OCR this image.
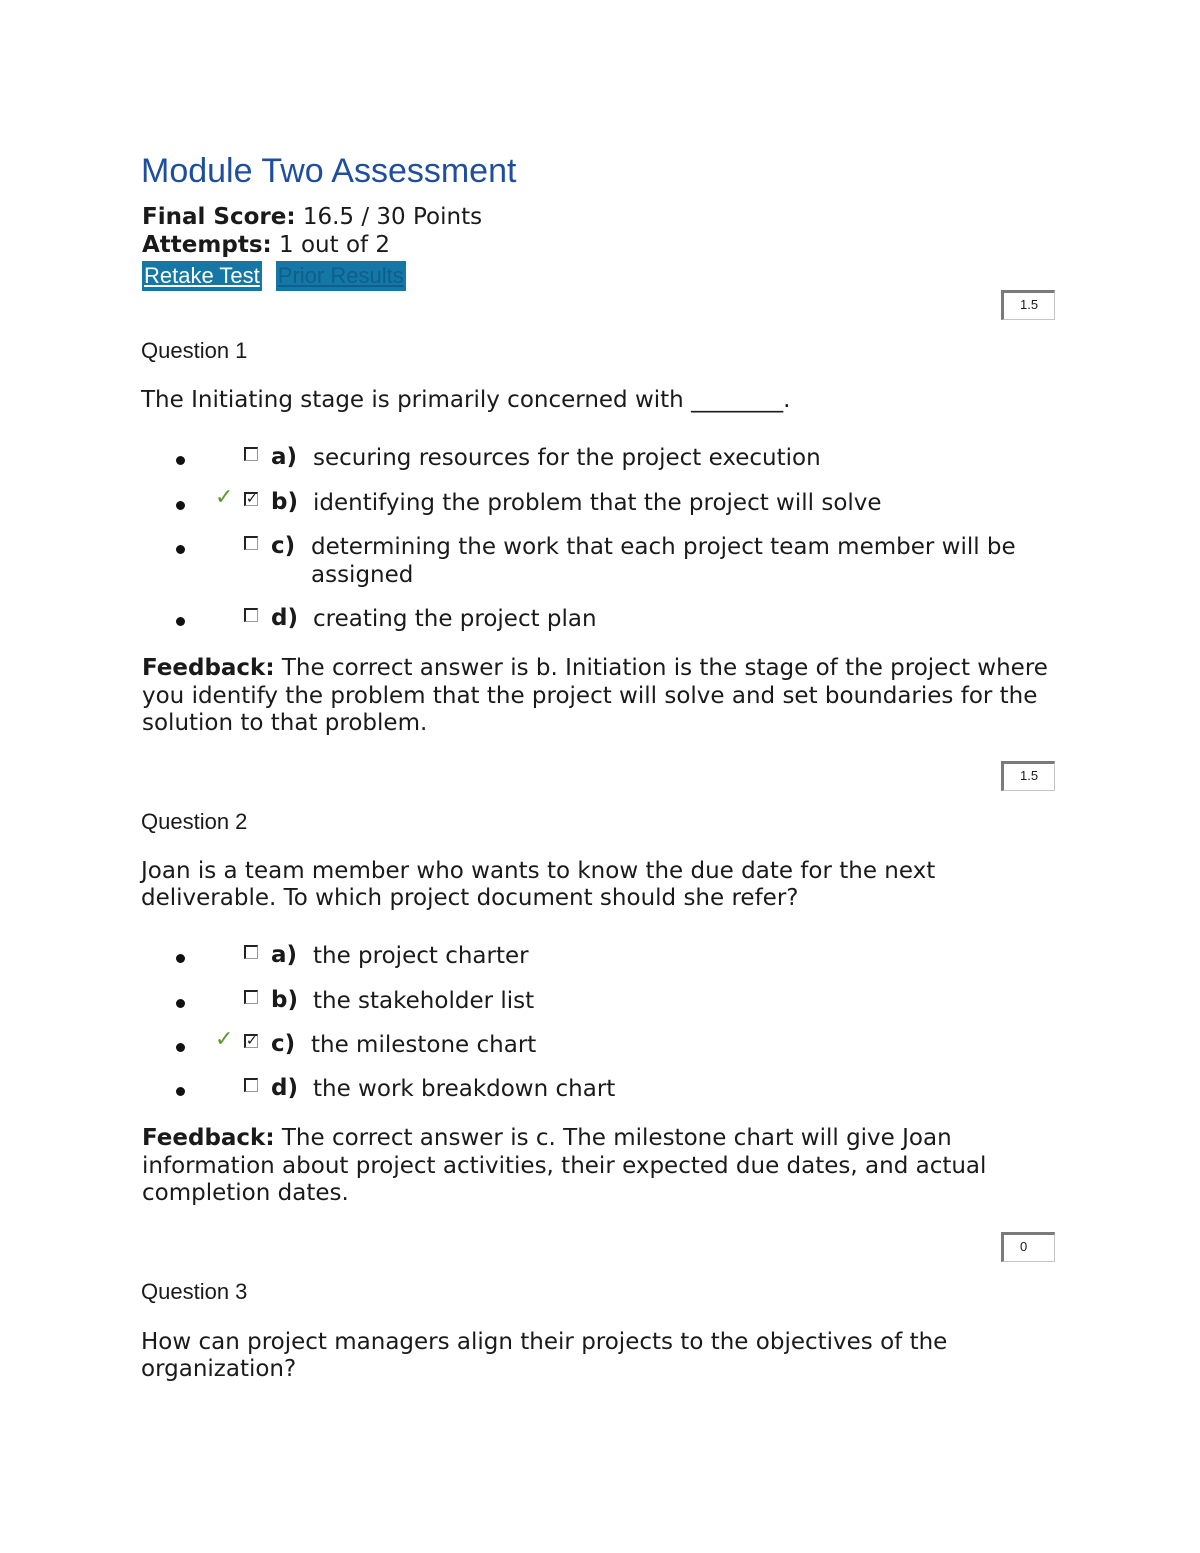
Module Two Assessment
Final Score: 16.5 / 30 Points
Attempts: 1 out of 2
Retake Test Prior Results
1.5
Question 1
The Initiating stage is primarily concerned with ________.
a) securing resources for the project execution
✓ ✓ b) identifying the problem that the project will solve
c) determining the work that each project team member will be assigned
d) creating the project plan
Feedback: The correct answer is b. Initiation is the stage of the project where you identify the problem that the project will solve and set boundaries for the solution to that problem.
1.5
Question 2
Joan is a team member who wants to know the due date for the next deliverable. To which project document should she refer?
a) the project charter
b) the stakeholder list
✓ ✓ c) the milestone chart
d) the work breakdown chart
Feedback: The correct answer is c. The milestone chart will give Joan information about project activities, their expected due dates, and actual completion dates.
0
Question 3
How can project managers align their projects to the objectives of the organization?
